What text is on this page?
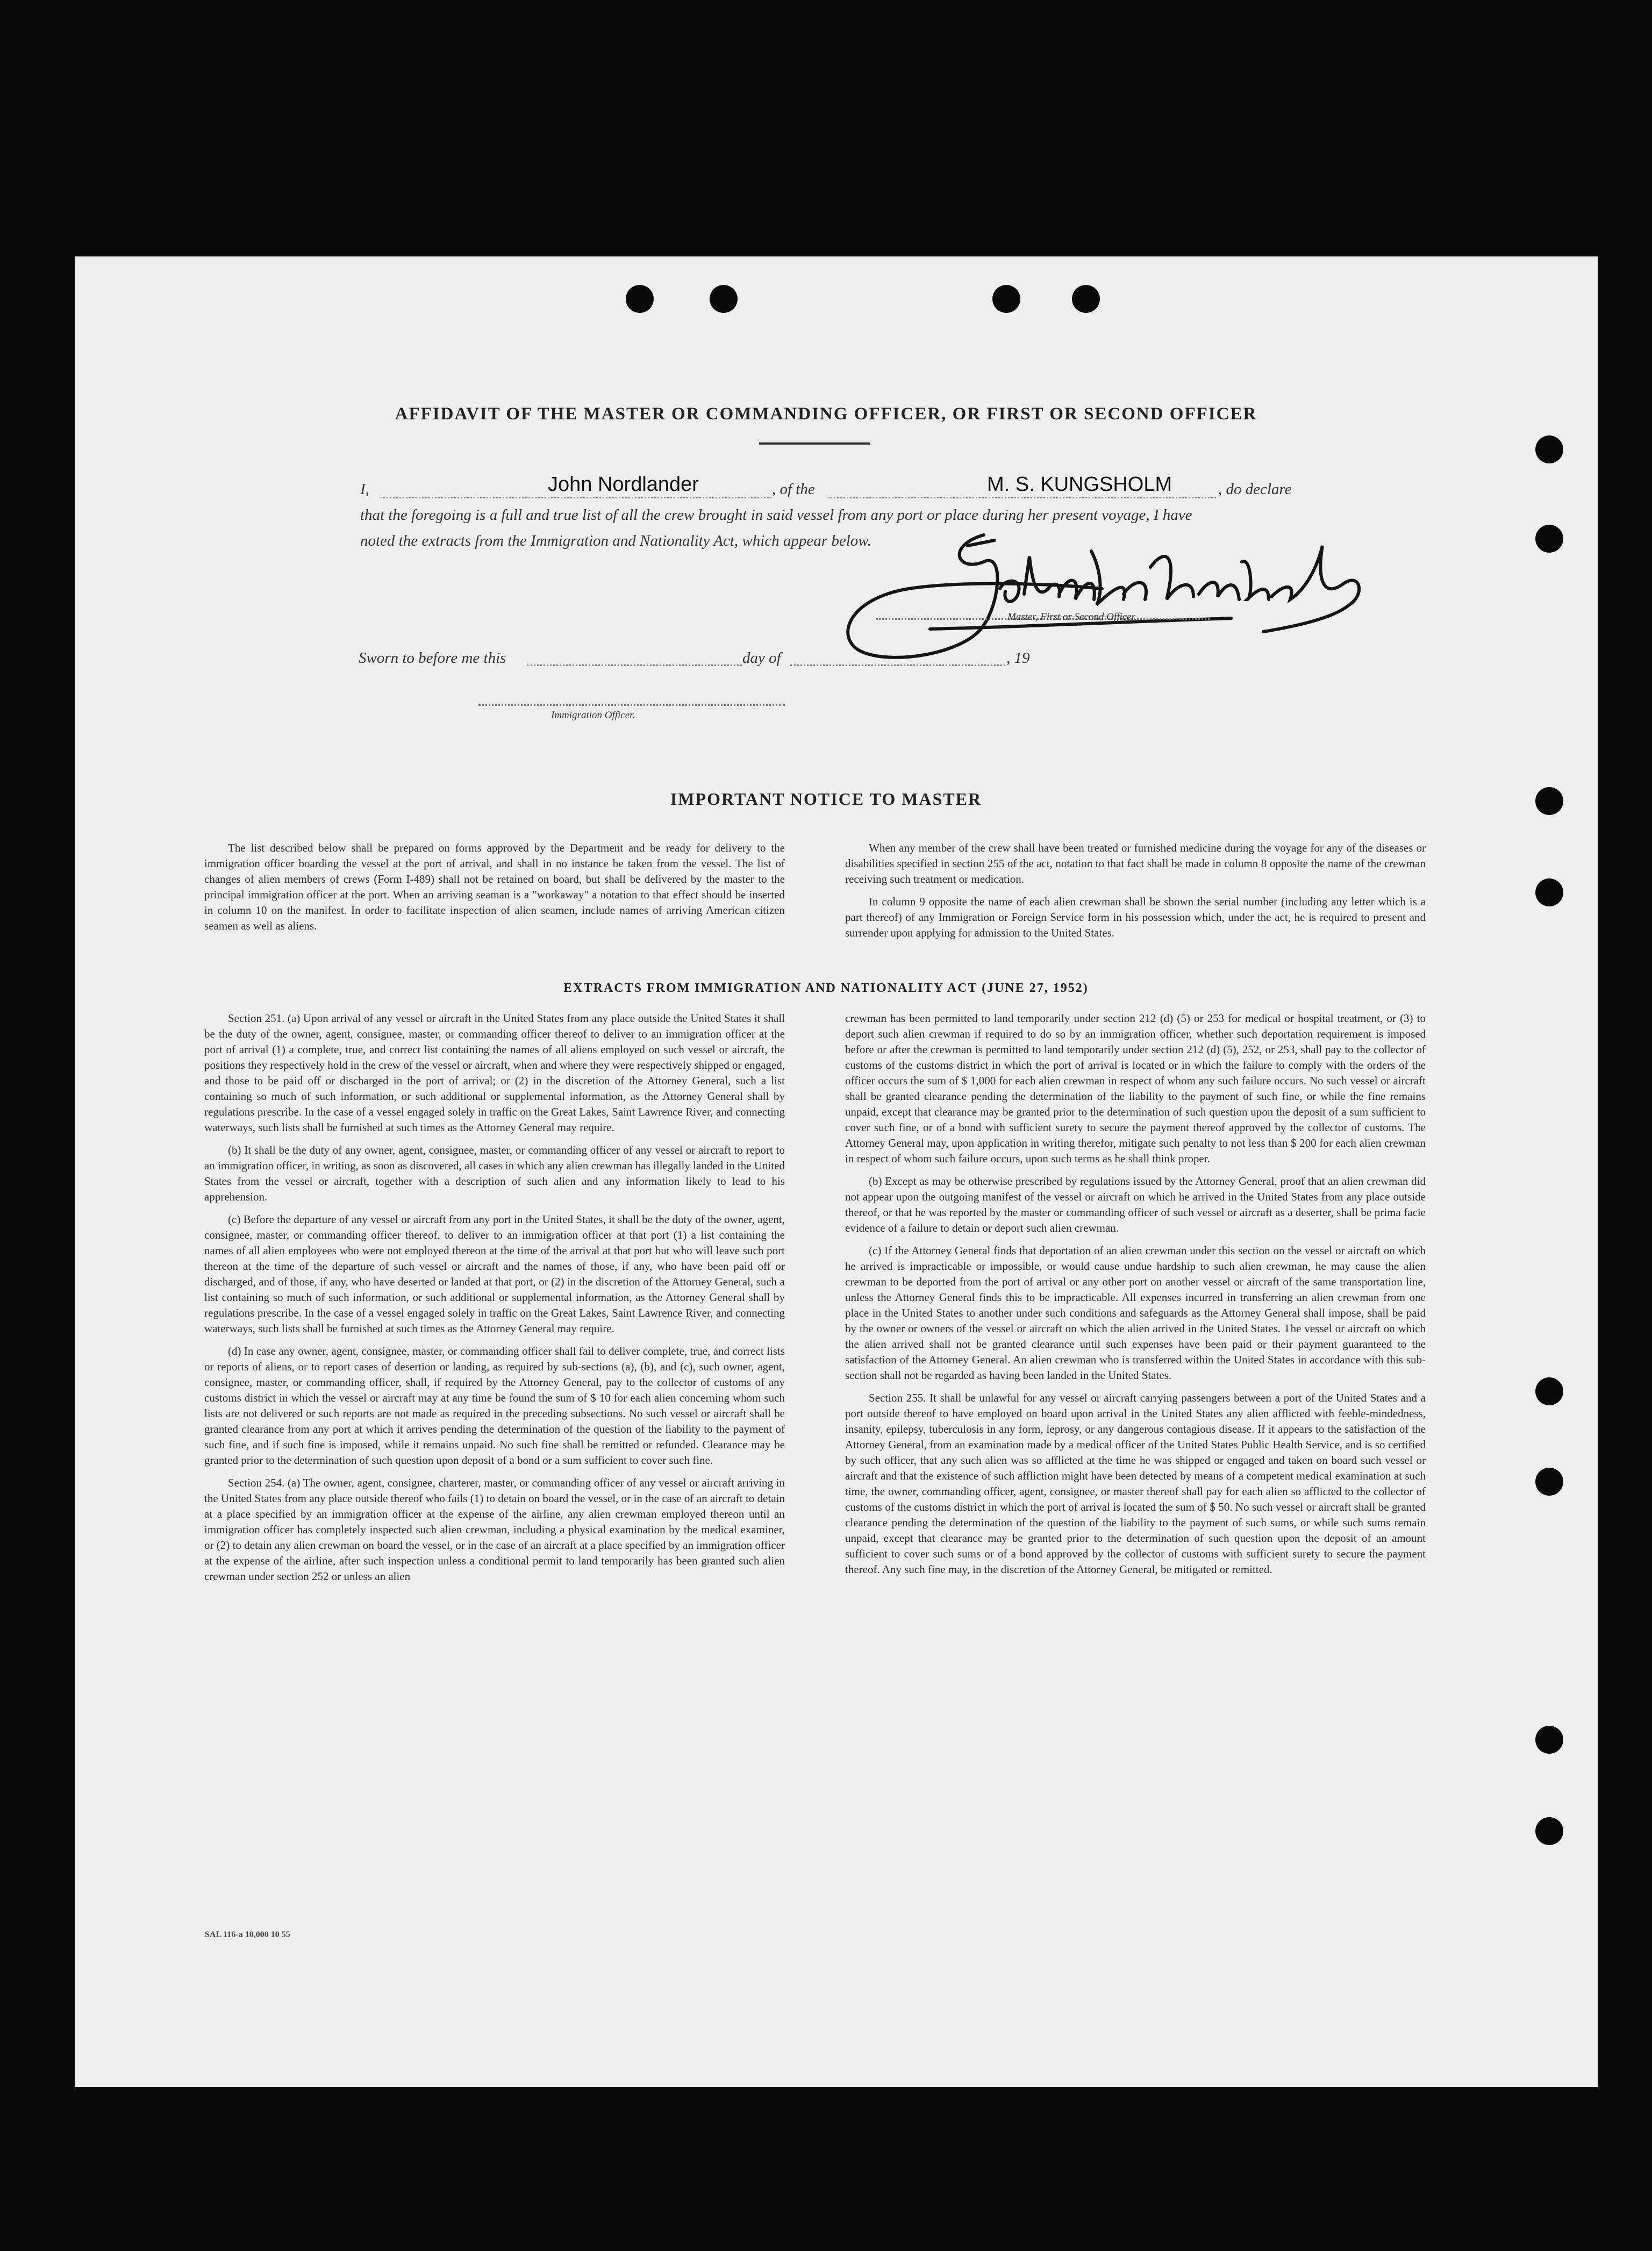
AFFIDAVIT OF THE MASTER OR COMMANDING OFFICER, OR FIRST OR SECOND OFFICER
I,	John Nordlander	, of the	M. S. KUNGSHOLM	, do declare
that the foregoing is a full and true list of all the crew brought in said vessel from any port or place during her present voyage, I have
noted the extracts from the Immigration and Nationality Act, which appear below.
Master, First or Second Officer.
Sworn to before me this	day of	, 19
Immigration Officer.
IMPORTANT NOTICE TO MASTER

The list described below shall be prepared on forms approved by the Department and be ready for delivery to the immigration officer boarding the vessel at the port of arrival, and shall in no instance be taken from the vessel. The list of changes of alien members of crews (Form I-489) shall not be retained on board, but shall be delivered by the master to the principal immigration officer at the port. When an arriving seaman is a "workaway" a notation to that effect should be inserted in column 10 on the manifest. In order to facilitate inspection of alien seamen, include names of arriving American citizen seamen as well as aliens.

When any member of the crew shall have been treated or furnished medicine during the voyage for any of the diseases or disabilities specified in section 255 of the act, notation to that fact shall be made in column 8 opposite the name of the crewman receiving such treatment or medication.

In column 9 opposite the name of each alien crewman shall be shown the serial number (including any letter which is a part thereof) of any Immigration or Foreign Service form in his possession which, under the act, he is required to present and surrender upon applying for admission to the United States.

EXTRACTS FROM IMMIGRATION AND NATIONALITY ACT (JUNE 27, 1952)

Section 251. (a) Upon arrival of any vessel or aircraft in the United States from any place outside the United States it shall be the duty of the owner, agent, consignee, master, or commanding officer thereof to deliver to an immigration officer at the port of arrival (1) a complete, true, and correct list containing the names of all aliens employed on such vessel or aircraft, the positions they respectively hold in the crew of the vessel or aircraft, when and where they were respectively shipped or engaged, and those to be paid off or discharged in the port of arrival; or (2) in the discretion of the Attorney General, such a list containing so much of such information, or such additional or supplemental information, as the Attorney General shall by regulations prescribe. In the case of a vessel engaged solely in traffic on the Great Lakes, Saint Lawrence River, and connecting waterways, such lists shall be furnished at such times as the Attorney General may require.

(b) It shall be the duty of any owner, agent, consignee, master, or commanding officer of any vessel or aircraft to report to an immigration officer, in writing, as soon as discovered, all cases in which any alien crewman has illegally landed in the United States from the vessel or aircraft, together with a description of such alien and any information likely to lead to his apprehension.

(c) Before the departure of any vessel or aircraft from any port in the United States, it shall be the duty of the owner, agent, consignee, master, or commanding officer thereof, to deliver to an immigration officer at that port (1) a list containing the names of all alien employees who were not employed thereon at the time of the arrival at that port but who will leave such port thereon at the time of the departure of such vessel or aircraft and the names of those, if any, who have been paid off or discharged, and of those, if any, who have deserted or landed at that port, or (2) in the discretion of the Attorney General, such a list containing so much of such information, or such additional or supplemental information, as the Attorney General shall by regulations prescribe. In the case of a vessel engaged solely in traffic on the Great Lakes, Saint Lawrence River, and connecting waterways, such lists shall be furnished at such times as the Attorney General may require.

(d) In case any owner, agent, consignee, master, or commanding officer shall fail to deliver complete, true, and correct lists or reports of aliens, or to report cases of desertion or landing, as required by sub-sections (a), (b), and (c), such owner, agent, consignee, master, or commanding officer, shall, if required by the Attorney General, pay to the collector of customs of any customs district in which the vessel or aircraft may at any time be found the sum of $ 10 for each alien concerning whom such lists are not delivered or such reports are not made as required in the preceding subsections. No such vessel or aircraft shall be granted clearance from any port at which it arrives pending the determination of the question of the liability to the payment of such fine, and if such fine is imposed, while it remains unpaid. No such fine shall be remitted or refunded. Clearance may be granted prior to the determination of such question upon deposit of a bond or a sum sufficient to cover such fine.

Section 254. (a) The owner, agent, consignee, charterer, master, or commanding officer of any vessel or aircraft arriving in the United States from any place outside thereof who fails (1) to detain on board the vessel, or in the case of an aircraft to detain at a place specified by an immigration officer at the expense of the airline, any alien crewman employed thereon until an immigration officer has completely inspected such alien crewman, including a physical examination by the medical examiner, or (2) to detain any alien crewman on board the vessel, or in the case of an aircraft at a place specified by an immigration officer at the expense of the airline, after such inspection unless a conditional permit to land temporarily has been granted such alien crewman under section 252 or unless an alien

crewman has been permitted to land temporarily under section 212 (d) (5) or 253 for medical or hospital treatment, or (3) to deport such alien crewman if required to do so by an immigration officer, whether such deportation requirement is imposed before or after the crewman is permitted to land temporarily under section 212 (d) (5), 252, or 253, shall pay to the collector of customs of the customs district in which the port of arrival is located or in which the failure to comply with the orders of the officer occurs the sum of $ 1,000 for each alien crewman in respect of whom any such failure occurs. No such vessel or aircraft shall be granted clearance pending the determination of the liability to the payment of such fine, or while the fine remains unpaid, except that clearance may be granted prior to the determination of such question upon the deposit of a sum sufficient to cover such fine, or of a bond with sufficient surety to secure the payment thereof approved by the collector of customs. The Attorney General may, upon application in writing therefor, mitigate such penalty to not less than $ 200 for each alien crewman in respect of whom such failure occurs, upon such terms as he shall think proper.

(b) Except as may be otherwise prescribed by regulations issued by the Attorney General, proof that an alien crewman did not appear upon the outgoing manifest of the vessel or aircraft on which he arrived in the United States from any place outside thereof, or that he was reported by the master or commanding officer of such vessel or aircraft as a deserter, shall be prima facie evidence of a failure to detain or deport such alien crewman.

(c) If the Attorney General finds that deportation of an alien crewman under this section on the vessel or aircraft on which he arrived is impracticable or impossible, or would cause undue hardship to such alien crewman, he may cause the alien crewman to be deported from the port of arrival or any other port on another vessel or aircraft of the same transportation line, unless the Attorney General finds this to be impracticable. All expenses incurred in transferring an alien crewman from one place in the United States to another under such conditions and safeguards as the Attorney General shall impose, shall be paid by the owner or owners of the vessel or aircraft on which the alien arrived in the United States. The vessel or aircraft on which the alien arrived shall not be granted clearance until such expenses have been paid or their payment guaranteed to the satisfaction of the Attorney General. An alien crewman who is transferred within the United States in accordance with this sub-section shall not be regarded as having been landed in the United States.

Section 255. It shall be unlawful for any vessel or aircraft carrying passengers between a port of the United States and a port outside thereof to have employed on board upon arrival in the United States any alien afflicted with feeble-mindedness, insanity, epilepsy, tuberculosis in any form, leprosy, or any dangerous contagious disease. If it appears to the satisfaction of the Attorney General, from an examination made by a medical officer of the United States Public Health Service, and is so certified by such officer, that any such alien was so afflicted at the time he was shipped or engaged and taken on board such vessel or aircraft and that the existence of such affliction might have been detected by means of a competent medical examination at such time, the owner, commanding officer, agent, consignee, or master thereof shall pay for each alien so afflicted to the collector of customs of the customs district in which the port of arrival is located the sum of $ 50. No such vessel or aircraft shall be granted clearance pending the determination of the question of the liability to the payment of such sums, or while such sums remain unpaid, except that clearance may be granted prior to the determination of such question upon the deposit of an amount sufficient to cover such sums or of a bond approved by the collector of customs with sufficient surety to secure the payment thereof. Any such fine may, in the discretion of the Attorney General, be mitigated or remitted.

SAL 116-a 10,000 10 55
